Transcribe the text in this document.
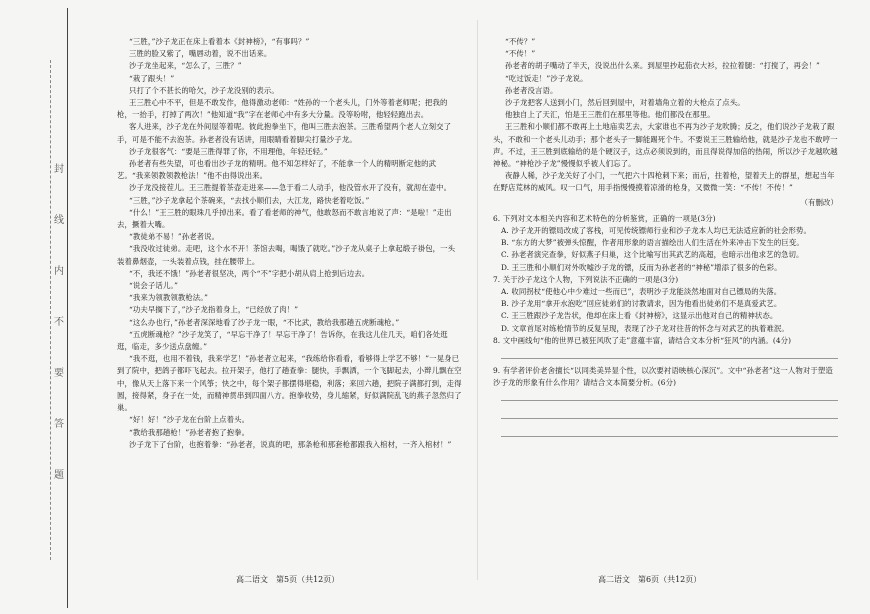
封
线
内
不
要
答
题

“三胜，”沙子龙正在床上看着本《封神榜》，“有事吗？”

三胜的脸又紫了，嘴唇动着，说不出话来。

沙子龙坐起来，“怎么了，三胜？”

“栽了跟头！”

只打了个不甚长的哈欠，沙子龙没别的表示。

王三胜心中不平，但是不敢发作，他得激动老师：“姓孙的一个老头儿，门外等着老师呢；把我的枪，一抬手，打掉了两次！”他知道“我”字在老师心中有多大分量。没等吩咐，他轻轻跑出去。

客人进来，沙子龙在外间屋等着呢。彼此抱拳坐下，他叫三胜去泡茶。三胜希望两个老人立刻交了手，可是不能不去泡茶。孙老者没有话讲，用眼睛看着脚尖打量沙子龙。

沙子龙很客气：“要是三胜得罪了你，不用理他，年轻还轻。”

孙老者有些失望，可也看出沙子龙的精明。他不知怎样好了，不能拿一个人的精明断定他的武艺。“我来领教领教枪法！”他不由得说出来。

沙子龙没接茬儿。王三胜提着茶壶走进来——急于看二人动手，他没管水开了没有，就沏在壶中。

“三胜，”沙子龙拿起个茶碗来，“去找小顺们去，大江龙，路快老着吃饭。”

“什么！”王三胜的眼珠几乎掉出来。看了看老师的神气，他敢怒而不敢言地说了声：“是啦！”走出去，撅着大嘴。

“教徒弟不易！”孙老者说。

“我没收过徒弟。走吧，这个水不开！茶馆去喝，喝饿了就吃。”沙子龙从桌子上拿起缎子褂包，一头装着鼻烟壶，一头装着点钱，挂在腰带上。

“不，我还不饿！”孙老者很坚决，两个“不”字把小胡从肩上抢到后边去。

“说会子话儿。”

“我来为领教领教枪法。”

“功夫早搁下了，”沙子龙指着身上，“已经放了肉！”

“这么办也行，”孙老者深深地看了沙子龙一眼，“不比武，教给我那趟五虎断魂枪。”

“五虎断魂枪？”沙子龙笑了，“早忘干净了！早忘干净了！告诉你，在我这儿住几天，咱们各处逛逛，临走，多少送点盘缠。”

“我不逛，也用不着钱，我来学艺！”孙老者立起来，“我练给你看看，看够得上学艺不够！”一晃身已到了院中，把鸽子都吓飞起去。拉开架子，他打了趟查拳：腿快，手飘洒，一个飞脚起去，小辫儿飘在空中，像从天上落下来一个风筝；快之中，每个架子都摆得堪稳，利落；来回六趟，把院子满都打到，走得圆，接得紧，身子在一处，而精神贯串到四面八方。抱拳收势，身儿缩紧，好似满院乱飞的燕子忽然归了巢。

“好！好！”沙子龙在台阶上点着头。

“教给我那趟枪！”孙老者抱了抱拳。

沙子龙下了台阶，也抱着拳：“孙老者，说真的吧，那条枪和那套枪都跟我入棺材，一齐入棺材！”

“不传？”

“不传！”

孙老者的胡子嘴动了半天，没说出什么来。到屋里抄起茄衣大衫，拉拉着腿：“打搅了，再会！”

“吃过饭走！”沙子龙说。

孙老者没言语。

沙子龙把客人送到小门，然后回到屋中，对着墙角立着的大枪点了点头。

他独自上了天汇，怕是王三胜们在那里等他。他们都没在那里。

王三胜和小顺们都不敢再上土地庙卖艺去，大家谁也不再为沙子龙吹腾；反之，他们说沙子龙栽了跟头，不敢和一个老头儿动手；那个老头子一脚能踢死个牛。不要说王三胜输给他，就是沙子龙也不敢哼一声。不过，王三胜到底输给的是个硬汉子，这点必须说到的，而且得说得加倍的热闹，所以沙子龙越吹越神秘。“神枪沙子龙”慢慢似乎被人们忘了。

夜静人稀，沙子龙关好了小门，一气把六十四枪刺下来；而后，拄着枪，望着天上的群星，想起当年在野店荒林的威风。叹一口气，用手指慢慢摸着凉滑的枪身，又微微一笑：“不传！不传！”

（有删改）

6. 下列对文本相关内容和艺术特色的分析鉴赏，正确的一项是(3分)

A. 沙子龙开的镖局改成了客栈，可见传统镖师行业和沙子龙本人均已无法适应新的社会形势。

B. “东方的大梦”被弹头惊醒，作者用形象的语言描绘出人们生活在外来冲击下发生的巨变。

C. 孙老者演完查拳，好似燕子归巢，这个比喻写出其武艺的高超，也暗示出他求艺的急切。

D. 王三胜和小顺们对外吹嘘沙子龙的镖，反而为孙老者的“神秘”增添了很多的色彩。

7. 关于沙子龙这个人物，下列说法不正确的一项是(3分)

A. 收同拐杖“使他心中少难过一些而已”，表明沙子龙能淡然地面对自己镖局的失落。

B. 沙子龙用“拿开水泡吃”回应徒弟们的讨教请求，因为他看出徒弟们不是真爱武艺。

C. 王三胜跟沙子龙告状，他却在床上看《封神榜》，这显示出他对自己的精神状态。

D. 文章首尾对练枪情节的反复呈现，表现了沙子龙对往昔的怀念与对武艺的执着难泯。

8. 文中画线句“他的世界已被狂风吹了走”意蕴丰富，请结合文本分析“狂风”的内涵。(4分)

9. 有学者评价老舍擅长“以同类美异显个性，以次要衬语映核心深沉”。文中“孙老者”这一人物对于塑造沙子龙的形象有什么作用？请结合文本简要分析。(6分)

高二语文　第5页（共12页）	高二语文　第6页（共12页）
